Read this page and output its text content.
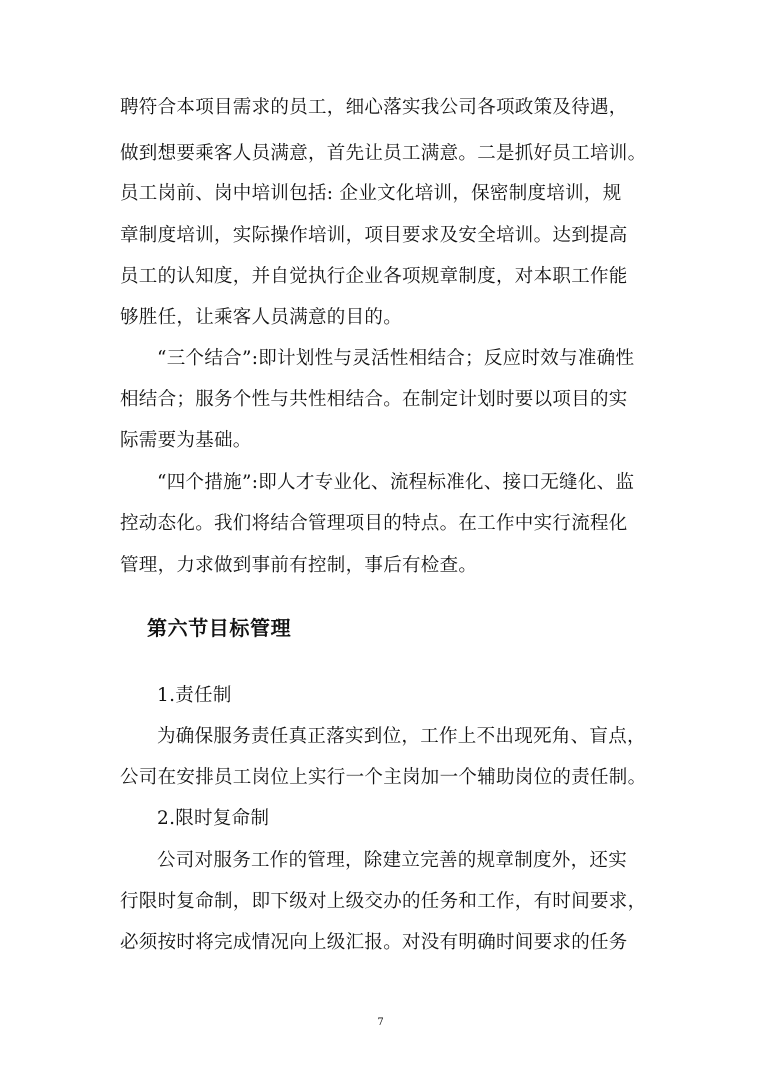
聘符合本项目需求的员工，细心落实我公司各项政策及待遇，
做到想要乘客人员满意，首先让员工满意。二是抓好员工培训。
员工岗前、岗中培训包括: 企业文化培训，保密制度培训，规
章制度培训，实际操作培训，项目要求及安全培训。达到提高
员工的认知度，并自觉执行企业各项规章制度，对本职工作能
够胜任，让乘客人员满意的目的。
“三个结合”:即计划性与灵活性相结合；反应时效与准确性
相结合；服务个性与共性相结合。在制定计划时要以项目的实
际需要为基础。
“四个措施”:即人才专业化、流程标准化、接口无缝化、监
控动态化。我们将结合管理项目的特点。在工作中实行流程化
管理，力求做到事前有控制，事后有检查。
第六节目标管理
1.责任制
为确保服务责任真正落实到位，工作上不出现死角、盲点，
公司在安排员工岗位上实行一个主岗加一个辅助岗位的责任制。
2.限时复命制
公司对服务工作的管理，除建立完善的规章制度外，还实
行限时复命制，即下级对上级交办的任务和工作，有时间要求，
必须按时将完成情况向上级汇报。对没有明确时间要求的任务
7
